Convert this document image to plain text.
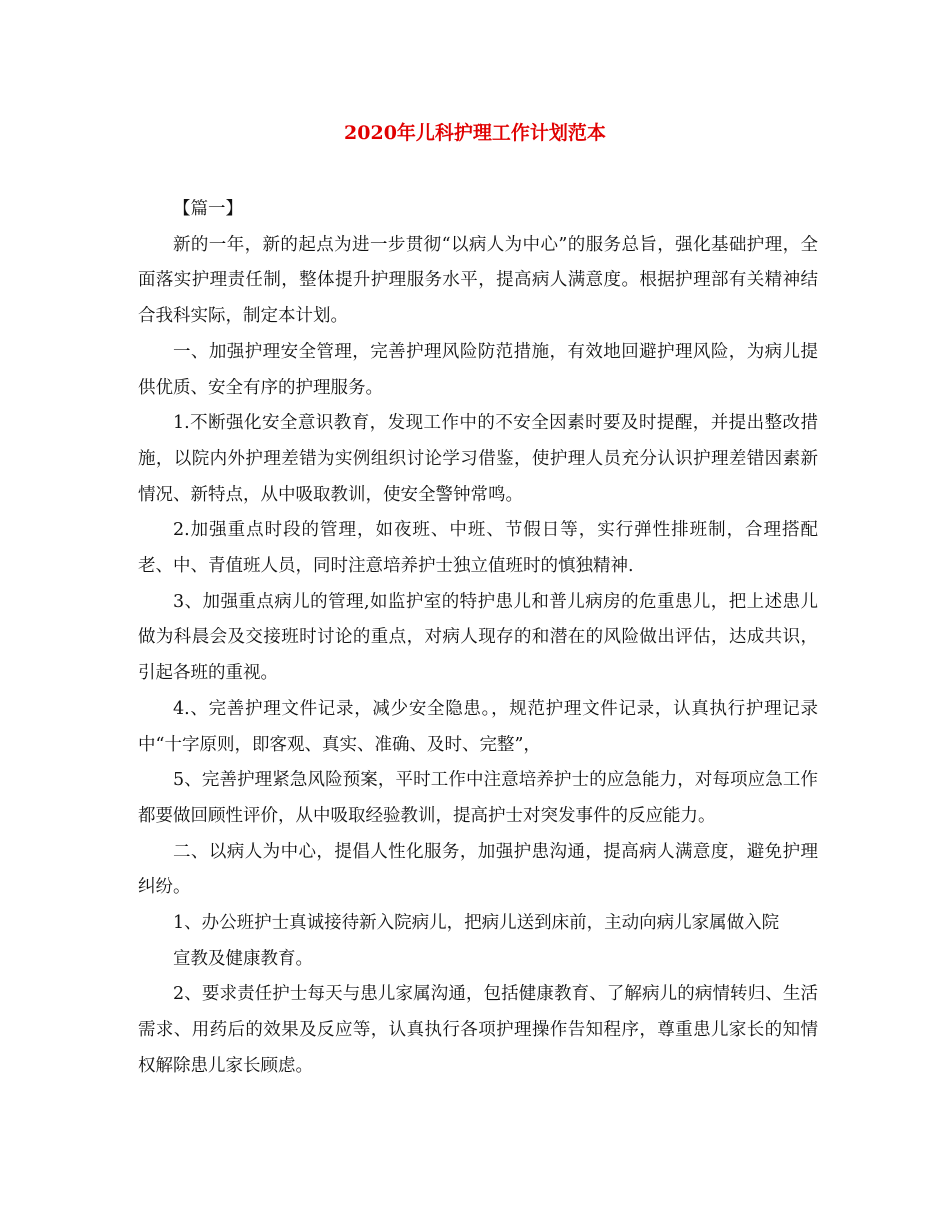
2020年儿科护理工作计划范本

【篇一】

新的一年，新的起点为进一步贯彻“以病人为中心”的服务总旨，强化基础护理，全面落实护理责任制，整体提升护理服务水平，提高病人满意度。根据护理部有关精神结合我科实际，制定本计划。

一、加强护理安全管理，完善护理风险防范措施，有效地回避护理风险，为病儿提供优质、安全有序的护理服务。

1.不断强化安全意识教育，发现工作中的不安全因素时要及时提醒，并提出整改措施，以院内外护理差错为实例组织讨论学习借鉴，使护理人员充分认识护理差错因素新情况、新特点，从中吸取教训，使安全警钟常鸣。

2.加强重点时段的管理，如夜班、中班、节假日等，实行弹性排班制，合理搭配老、中、青值班人员，同时注意培养护士独立值班时的慎独精神.

3、加强重点病儿的管理,如监护室的特护患儿和普儿病房的危重患儿，把上述患儿做为科晨会及交接班时讨论的重点，对病人现存的和潜在的风险做出评估，达成共识，引起各班的重视。

4.、完善护理文件记录，减少安全隐患。，规范护理文件记录，认真执行护理记录中“十字原则，即客观、真实、准确、及时、完整”，

5、完善护理紧急风险预案，平时工作中注意培养护士的应急能力，对每项应急工作都要做回顾性评价，从中吸取经验教训，提高护士对突发事件的反应能力。

二、以病人为中心，提倡人性化服务，加强护患沟通，提高病人满意度，避免护理纠纷。

1、办公班护士真诚接待新入院病儿，把病儿送到床前，主动向病儿家属做入院

宣教及健康教育。

2、要求责任护士每天与患儿家属沟通，包括健康教育、了解病儿的病情转归、生活需求、用药后的效果及反应等，认真执行各项护理操作告知程序，尊重患儿家长的知情权解除患儿家长顾虑。
